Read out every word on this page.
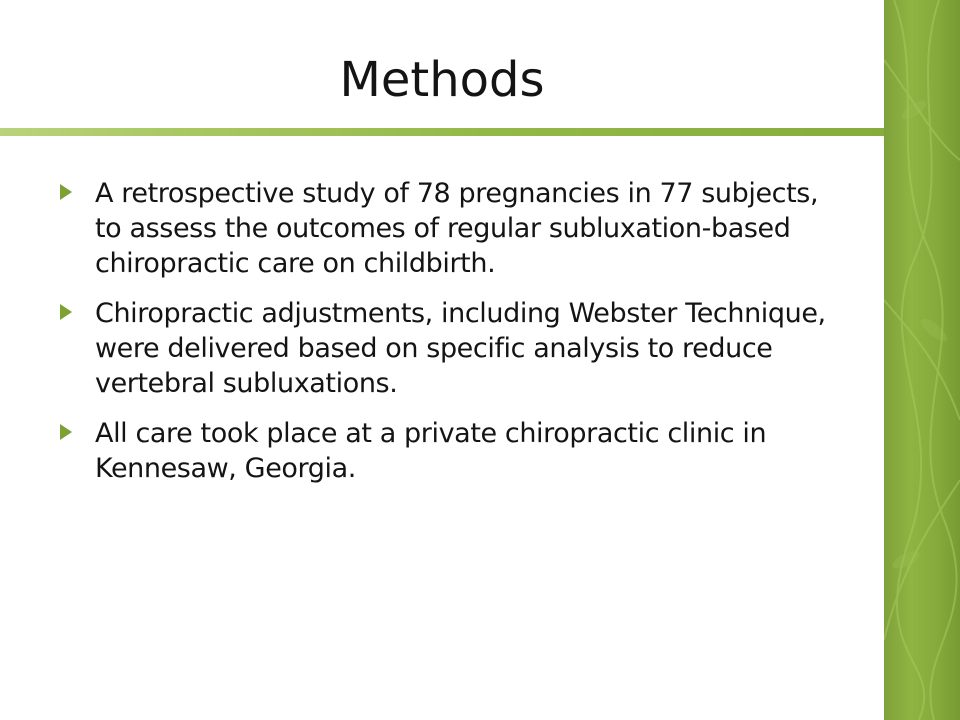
Methods
A retrospective study of 78 pregnancies in 77 subjects, to assess the outcomes of regular subluxation-based chiropractic care on childbirth.
Chiropractic adjustments, including Webster Technique, were delivered based on specific analysis to reduce vertebral subluxations.
All care took place at a private chiropractic clinic in Kennesaw, Georgia.
